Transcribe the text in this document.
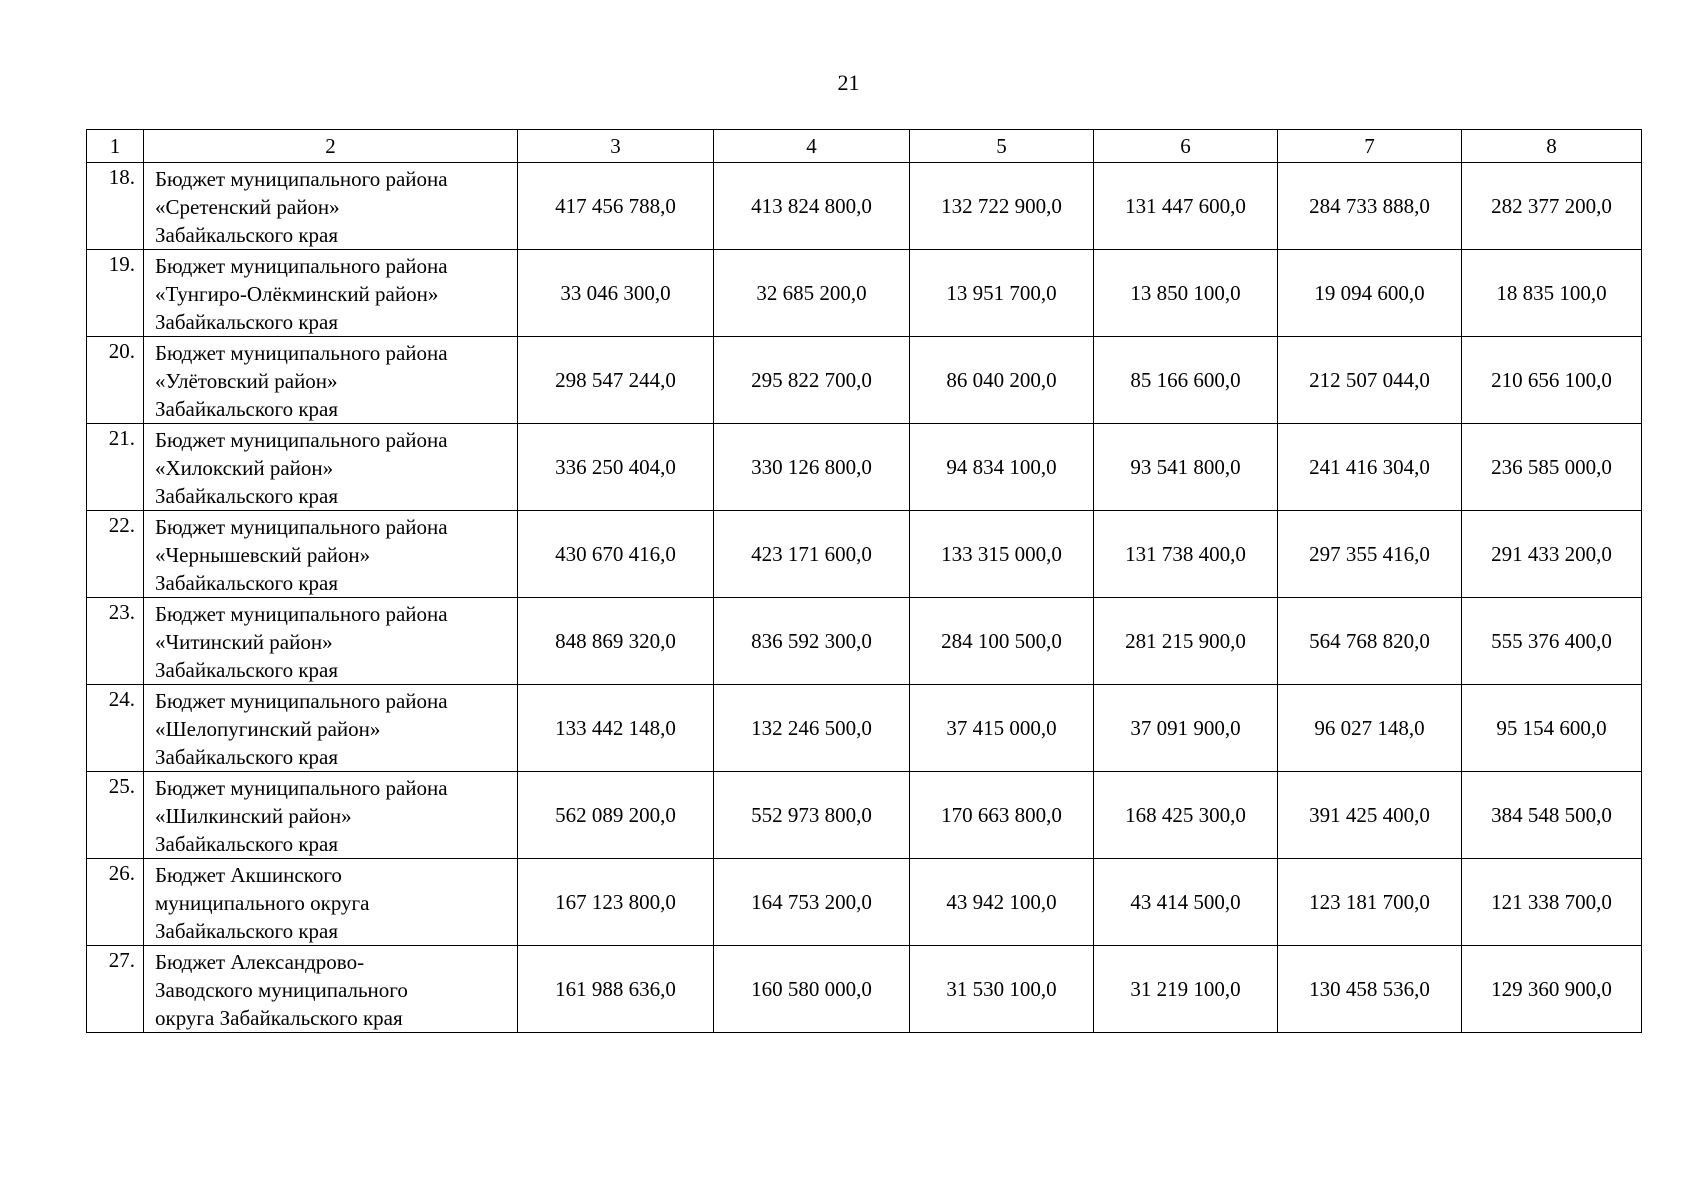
21
1	2	3	4	5	6	7	8
18.	Бюджет муниципального района
«Сретенский район»
Забайкальского края	417 456 788,0	413 824 800,0	132 722 900,0	131 447 600,0	284 733 888,0	282 377 200,0
19.	Бюджет муниципального района
«Тунгиро-Олёкминский район»
Забайкальского края	33 046 300,0	32 685 200,0	13 951 700,0	13 850 100,0	19 094 600,0	18 835 100,0
20.	Бюджет муниципального района
«Улётовский район»
Забайкальского края	298 547 244,0	295 822 700,0	86 040 200,0	85 166 600,0	212 507 044,0	210 656 100,0
21.	Бюджет муниципального района
«Хилокский район»
Забайкальского края	336 250 404,0	330 126 800,0	94 834 100,0	93 541 800,0	241 416 304,0	236 585 000,0
22.	Бюджет муниципального района
«Чернышевский район»
Забайкальского края	430 670 416,0	423 171 600,0	133 315 000,0	131 738 400,0	297 355 416,0	291 433 200,0
23.	Бюджет муниципального района
«Читинский район»
Забайкальского края	848 869 320,0	836 592 300,0	284 100 500,0	281 215 900,0	564 768 820,0	555 376 400,0
24.	Бюджет муниципального района
«Шелопугинский район»
Забайкальского края	133 442 148,0	132 246 500,0	37 415 000,0	37 091 900,0	96 027 148,0	95 154 600,0
25.	Бюджет муниципального района
«Шилкинский район»
Забайкальского края	562 089 200,0	552 973 800,0	170 663 800,0	168 425 300,0	391 425 400,0	384 548 500,0
26.	Бюджет Акшинского
муниципального округа
Забайкальского края	167 123 800,0	164 753 200,0	43 942 100,0	43 414 500,0	123 181 700,0	121 338 700,0
27.	Бюджет Александрово-
Заводского муниципального
округа Забайкальского края	161 988 636,0	160 580 000,0	31 530 100,0	31 219 100,0	130 458 536,0	129 360 900,0
